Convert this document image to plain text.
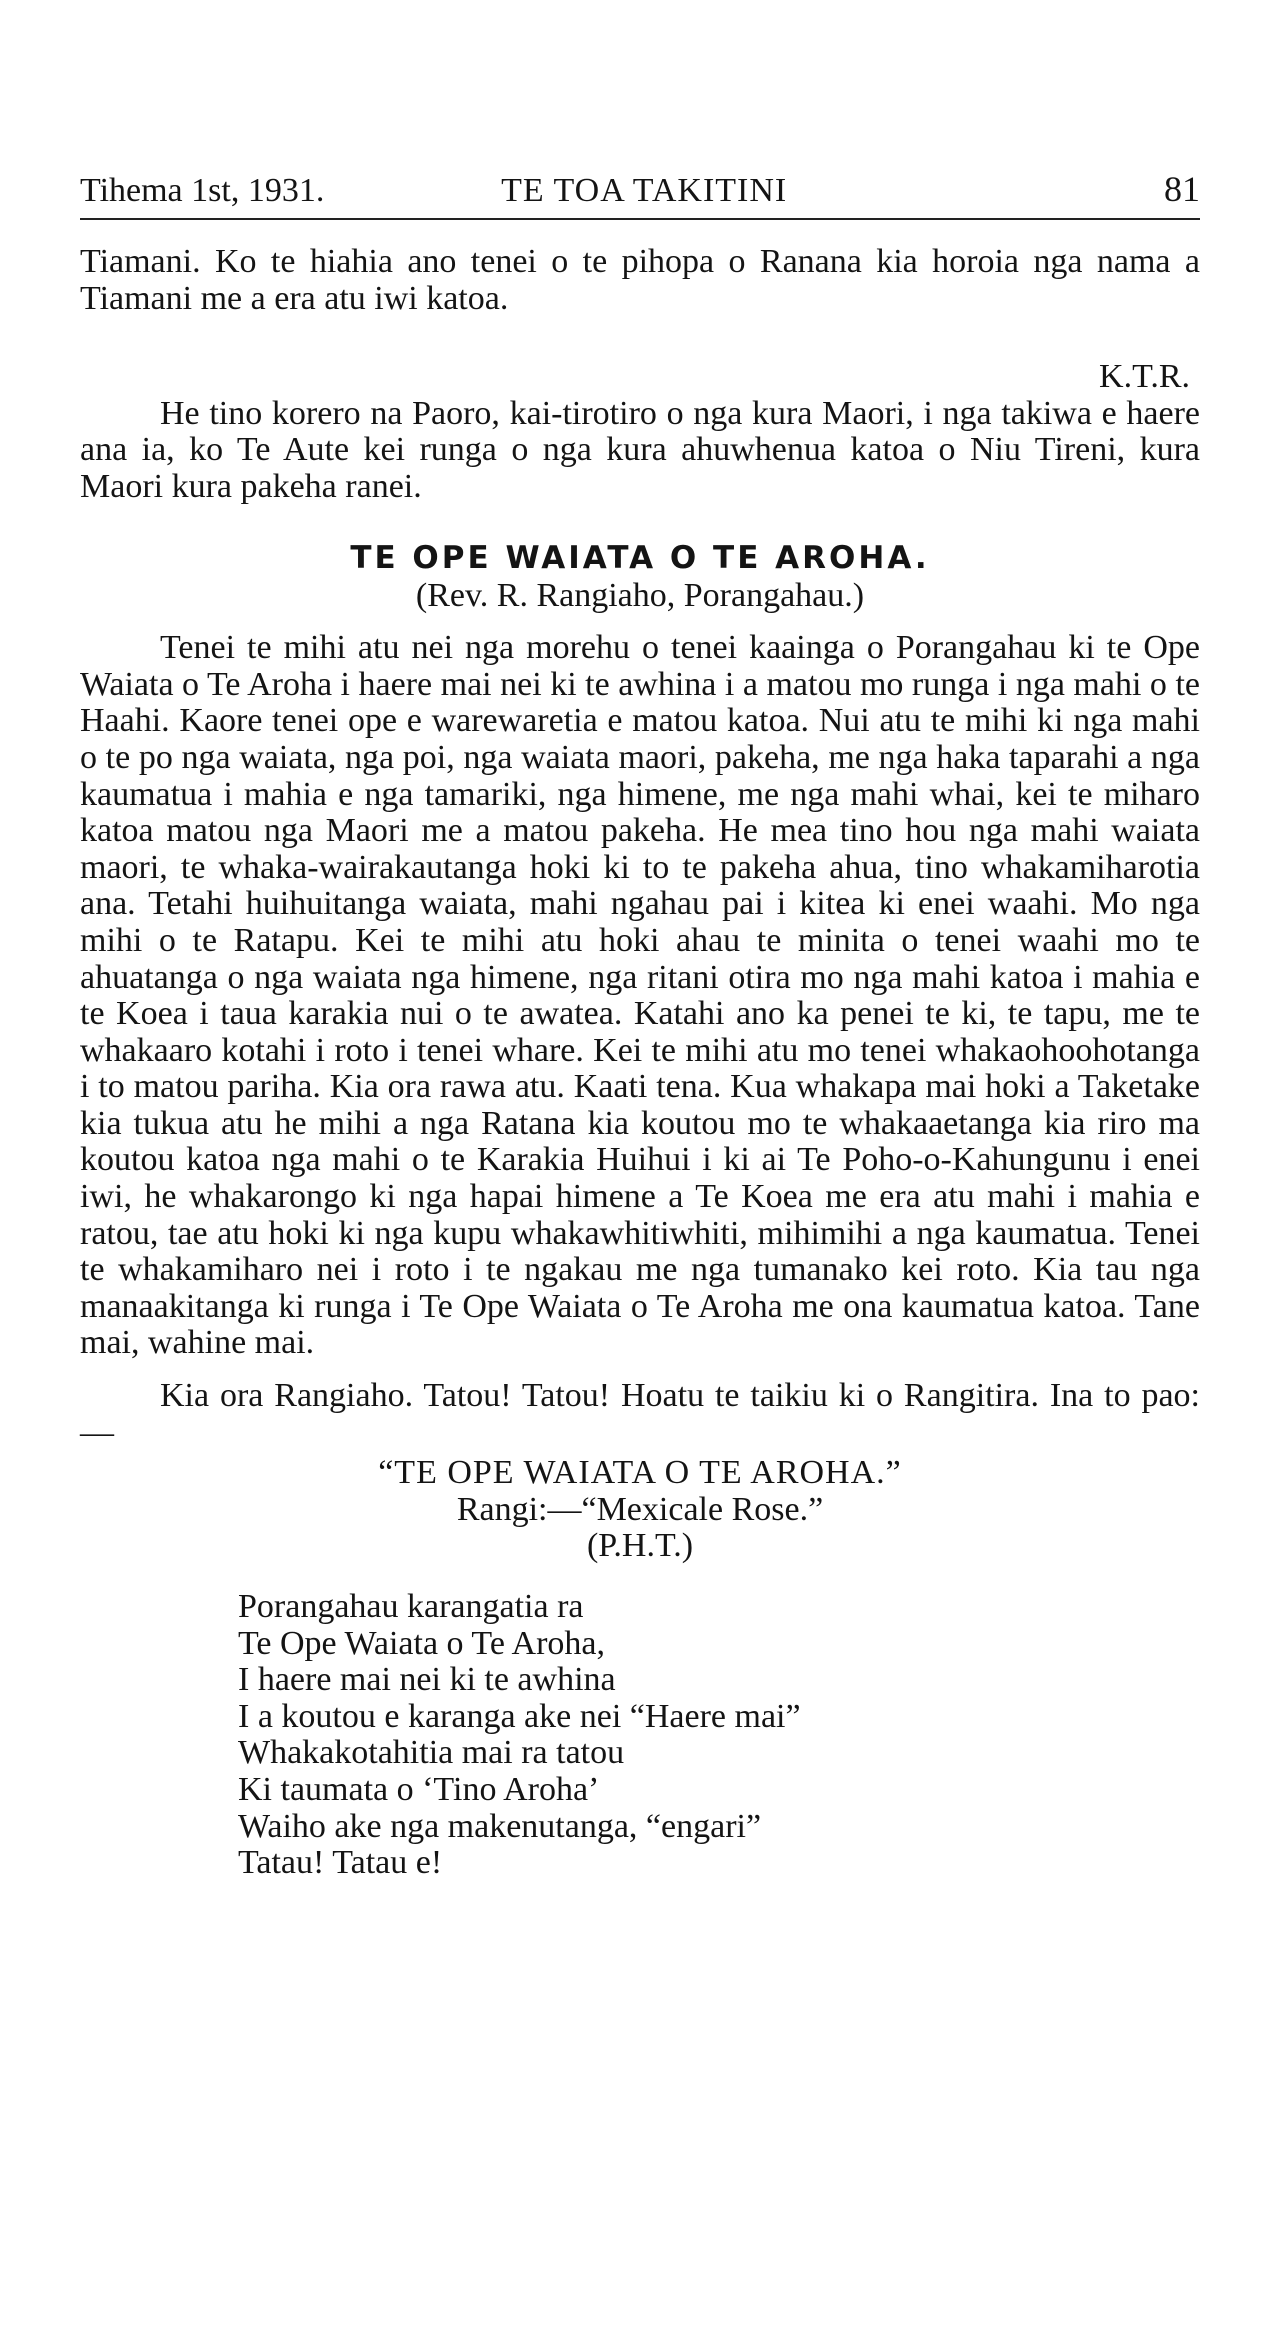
Tihema 1st, 1931.	TE TOA TAKITINI	81

Tiamani. Ko te hiahia ano tenei o te pihopa o Ranana kia horoia nga nama a Tiamani me a era atu iwi katoa.

K.T.R.

He tino korero na Paoro, kai-tirotiro o nga kura Maori, i nga takiwa e haere ana ia, ko Te Aute kei runga o nga kura ahuwhenua katoa o Niu Tireni, kura Maori kura pakeha ranei.

TE OPE WAIATA O TE AROHA.

(Rev. R. Rangiaho, Porangahau.)

Tenei te mihi atu nei nga morehu o tenei kaainga o Porangahau ki te Ope Waiata o Te Aroha i haere mai nei ki te awhina i a matou mo runga i nga mahi o te Haahi. Kaore tenei ope e warewaretia e matou katoa. Nui atu te mihi ki nga mahi o te po nga waiata, nga poi, nga waiata maori, pakeha, me nga haka taparahi a nga kaumatua i mahia e nga tamariki, nga himene, me nga mahi whai, kei te miharo katoa matou nga Maori me a matou pakeha. He mea tino hou nga mahi waiata maori, te whaka-wairakautanga hoki ki to te pakeha ahua, tino whakamiharotia ana. Tetahi huihuitanga waiata, mahi ngahau pai i kitea ki enei waahi. Mo nga mihi o te Ratapu. Kei te mihi atu hoki ahau te minita o tenei waahi mo te ahuatanga o nga waiata nga himene, nga ritani otira mo nga mahi katoa i mahia e te Koea i taua karakia nui o te awatea. Katahi ano ka penei te ki, te tapu, me te whakaaro kotahi i roto i tenei whare. Kei te mihi atu mo tenei whakaohoohotanga i to matou pariha. Kia ora rawa atu. Kaati tena. Kua whakapa mai hoki a Taketake kia tukua atu he mihi a nga Ratana kia koutou mo te whakaaetanga kia riro ma koutou katoa nga mahi o te Karakia Huihui i ki ai Te Poho-o-Kahungunu i enei iwi, he whakarongo ki nga hapai himene a Te Koea me era atu mahi i mahia e ratou, tae atu hoki ki nga kupu whakawhitiwhiti, mihimihi a nga kaumatua. Tenei te whakamiharo nei i roto i te ngakau me nga tumanako kei roto. Kia tau nga manaakitanga ki runga i Te Ope Waiata o Te Aroha me ona kaumatua katoa. Tane mai, wahine mai.

Kia ora Rangiaho. Tatou! Tatou! Hoatu te taikiu ki o Rangitira. Ina to pao:—

“TE OPE WAIATA O TE AROHA.”

Rangi:—“Mexicale Rose.”

(P.H.T.)

Porangahau karangatia ra
Te Ope Waiata o Te Aroha,
I haere mai nei ki te awhina
I a koutou e karanga ake nei “Haere mai”
Whakakotahitia mai ra tatou
Ki taumata o ‘Tino Aroha’
Waiho ake nga makenutanga, “engari”
Tatau! Tatau e!
